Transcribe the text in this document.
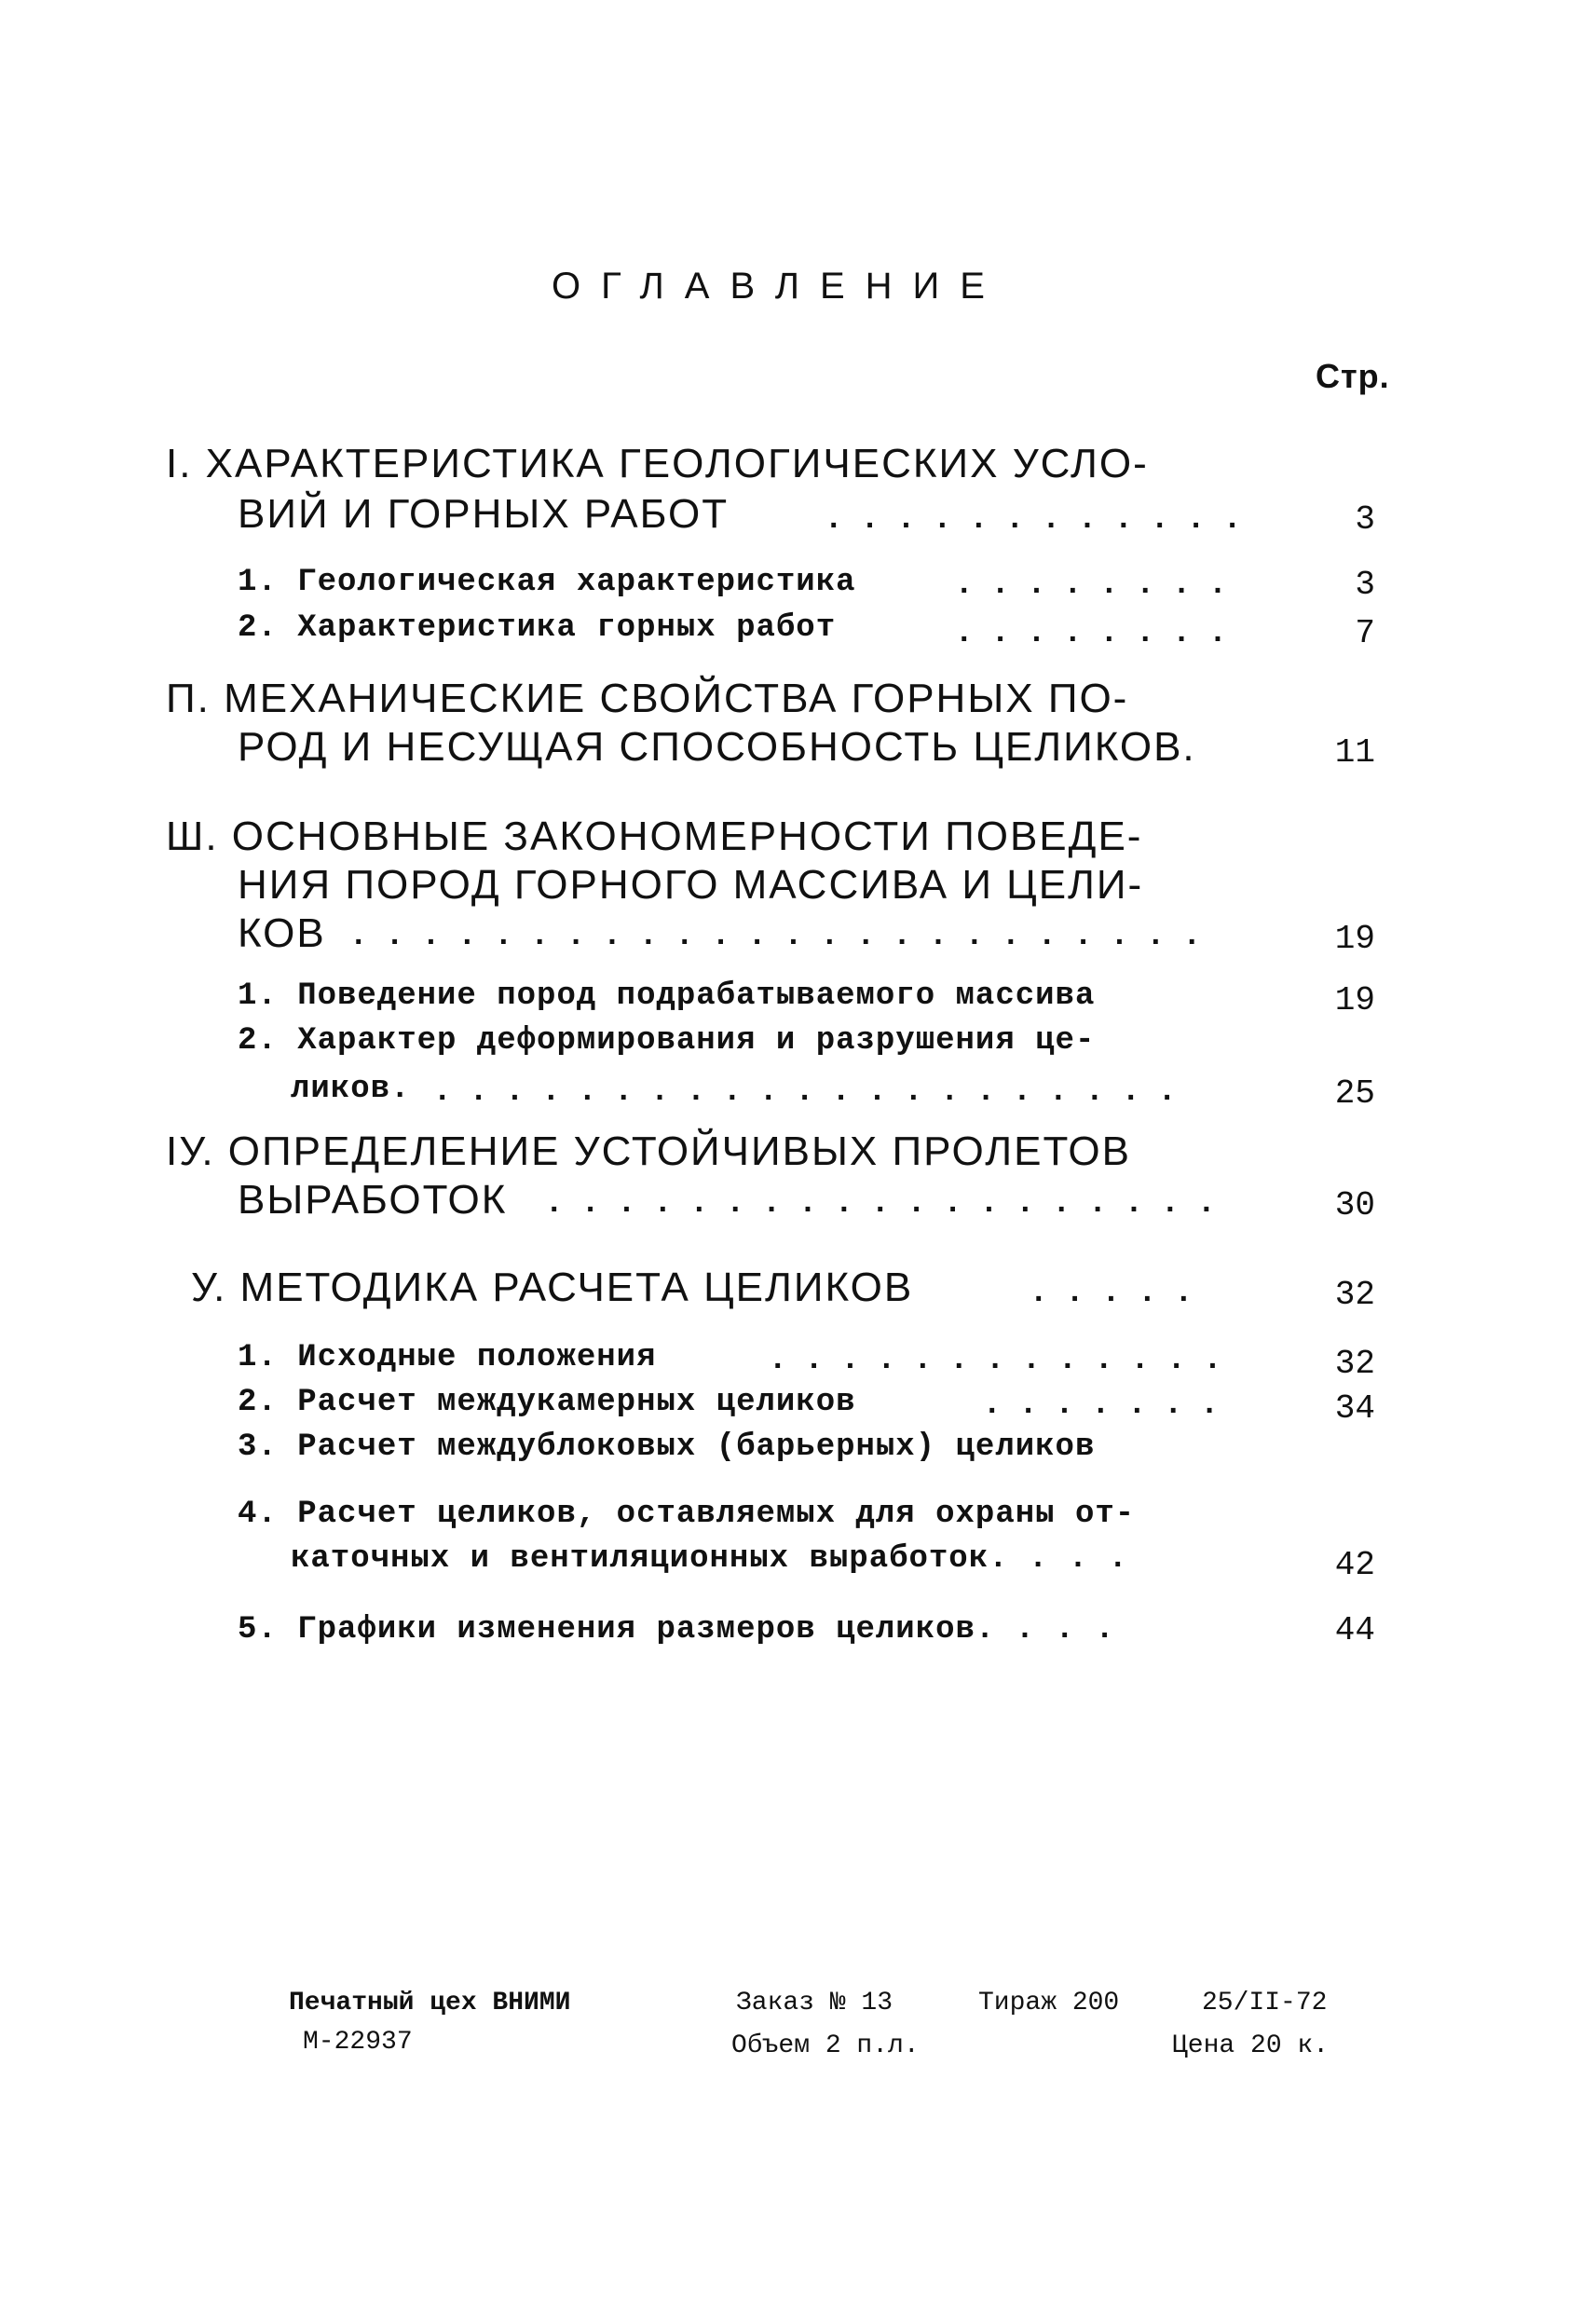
ОГЛАВЛЕНИЕ
Стр.
I. ХАРАКТЕРИСТИКА ГЕОЛОГИЧЕСКИХ УСЛО-
ВИЙ И ГОРНЫХ РАБОТ	. . . . . . . . . . . .	3
1. Геологическая характеристика	. . . . . . . .	3
2. Характеристика горных работ	. . . . . . . .	7
П. МЕХАНИЧЕСКИЕ СВОЙСТВА ГОРНЫХ ПО-
РОД И НЕСУЩАЯ СПОСОБНОСТЬ ЦЕЛИКОВ.	11
Ш. ОСНОВНЫЕ ЗАКОНОМЕРНОСТИ ПОВЕДЕ-
НИЯ ПОРОД ГОРНОГО МАССИВА И ЦЕЛИ-
КОВ . . . . . . . . . . . . . . . . . . . . . . . .	19
1. Поведение пород подрабатываемого массива	19
2. Характер деформирования и разрушения це-
ликов. . . . . . . . . . . . . . . . . . . . . .	25
IУ. ОПРЕДЕЛЕНИЕ УСТОЙЧИВЫХ ПРОЛЕТОВ
ВЫРАБОТОК . . . . . . . . . . . . . . . . . . .	30
У. МЕТОДИКА РАСЧЕТА ЦЕЛИКОВ	. . . . .	32
1. Исходные положения	. . . . . . . . . . . . .	32
2. Расчет междукамерных целиков	. . . . . . .	34
3. Расчет междублоковых (барьерных) целиков
4. Расчет целиков, оставляемых для охраны от-
каточных и вентиляционных выработок. . . .	42
5. Графики изменения размеров целиков. . . .	44
Печатный цех ВНИМИ	Заказ № 13	Тираж 200	25/II-72
М-22937	Объем 2 п.л.	Цена 20 к.
